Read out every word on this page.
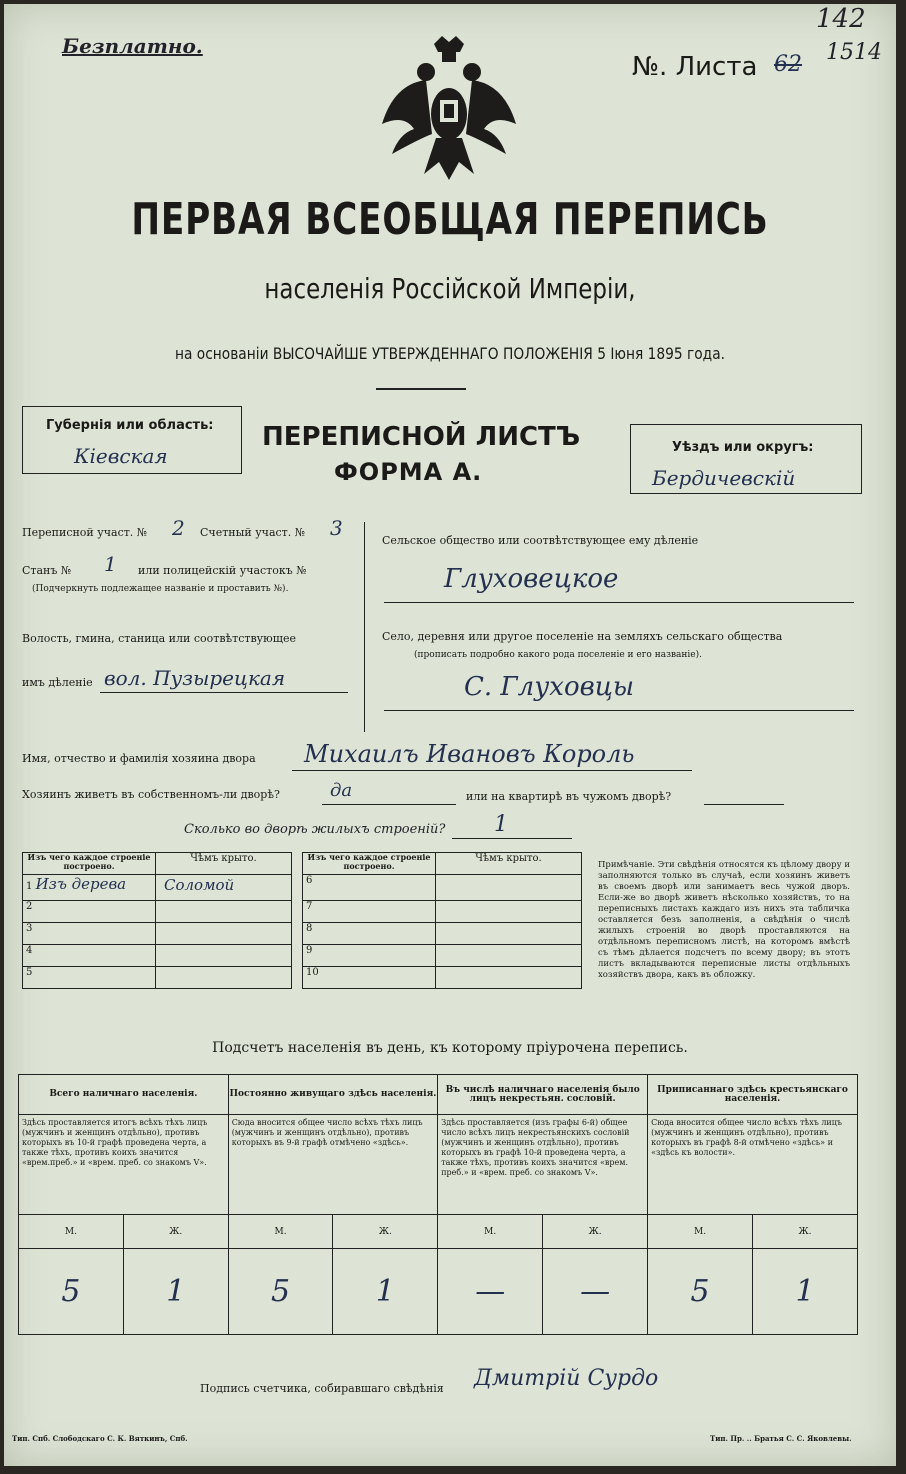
Безплатно.
№. Листа 62
142
1514
ПЕРВАЯ ВСЕОБЩАЯ ПЕРЕПИСЬ
населенія Россійской Имперіи,
на основаніи ВЫСОЧАЙШЕ УТВЕРЖДЕННАГО ПОЛОЖЕНІЯ 5 Іюня 1895 года.
Губернія или область:
Кіевская
ПЕРЕПИСНОЙ ЛИСТЪ
ФОРМА А.
Уѣздъ или округъ:
Бердичевскій
Переписной участ. № 2 Счетный участ. № 3
Станъ № 1 или полицейскій участокъ №
(Подчеркнуть подлежащее названіе и проставить №).
Волость, гмина, станица или соотвѣтствующее
имъ дѣленіе вол. Пузырецкая
Сельское общество или соотвѣтствующее ему дѣленіе
Глуховецкое
Село, деревня или другое поселеніе на земляхъ сельскаго общества
(прописать подробно какого рода поселеніе и его названіе).
С. Глуховцы
Имя, отчество и фамилія хозяина двора Михаилъ Ивановъ Король
Хозяинъ живетъ въ собственномъ-ли дворѣ?	да	или на квартирѣ въ чужомъ дворѣ?
Сколько во дворѣ жилыхъ строеній? 1
Изъ чего каждое строеніе построено.	Чѣмъ крыто.
1 Изъ дерева	Соломой
2	
3	
4	
5	
Изъ чего каждое строеніе построено.	Чѣмъ крыто.
6	
7	
8	
9	
10	
Примѣчаніе. Эти свѣдѣнія относятся къ цѣлому двору и заполняются только въ случаѣ, если хозяинъ живетъ въ своемъ дворѣ или занимаетъ весь чужой дворъ. Если-же во дворѣ живетъ нѣсколько хозяйствъ, то на переписныхъ листахъ каждаго изъ нихъ эта табличка оставляется безъ заполненія, а свѣдѣнія о числѣ жилыхъ строеній во дворѣ проставляются на отдѣльномъ переписномъ листѣ, на которомъ вмѣстѣ съ тѣмъ дѣлается подсчетъ по всему двору; въ этотъ листъ вкладываются переписные листы отдѣльныхъ хозяйствъ двора, какъ въ обложку.
Подсчетъ населенія въ день, къ которому пріурочена перепись.
Всего наличнаго населенія.		Постоянно живущаго здѣсь населенія.		Въ числѣ наличнаго населенія было лицъ некрестьян. сословій.		Приписаннаго здѣсь крестьянскаго населенія.	
Здѣсь проставляется итогъ всѣхъ тѣхъ лицъ (мужчинъ и женщинъ отдѣльно), противъ которыхъ въ 10-й графѣ проведена черта, а также тѣхъ, противъ коихъ значится «врем.преб.» и «врем. преб. со знакомъ V».		Сюда вносится общее число всѣхъ тѣхъ лицъ (мужчинъ и женщинъ отдѣльно), противъ которыхъ въ 9-й графѣ отмѣчено «здѣсь».		Здѣсь проставляется (изъ графы 6-й) общее число всѣхъ лицъ некрестьянскихъ сословій (мужчинъ и женщинъ отдѣльно), противъ которыхъ въ графѣ 10-й проведена черта, а также тѣхъ, противъ коихъ значится «врем. преб.» и «врем. преб. со знакомъ V».		Сюда вносится общее число всѣхъ тѣхъ лицъ (мужчинъ и женщинъ отдѣльно), противъ которыхъ въ графѣ 8-й отмѣчено «здѣсь» и «здѣсь къ волости».	
М.	Ж.	М.	Ж.	М.	Ж.	М.	Ж.
5	1	5	1	—	—	5	1
Подпись счетчика, собиравшаго свѣдѣнія Дмитрій Сурдо
Тип. Спб. Слободскаго С. К. Вяткинъ, Спб.	Тип. Пр. .. Братья С. С. Яковлевы.
